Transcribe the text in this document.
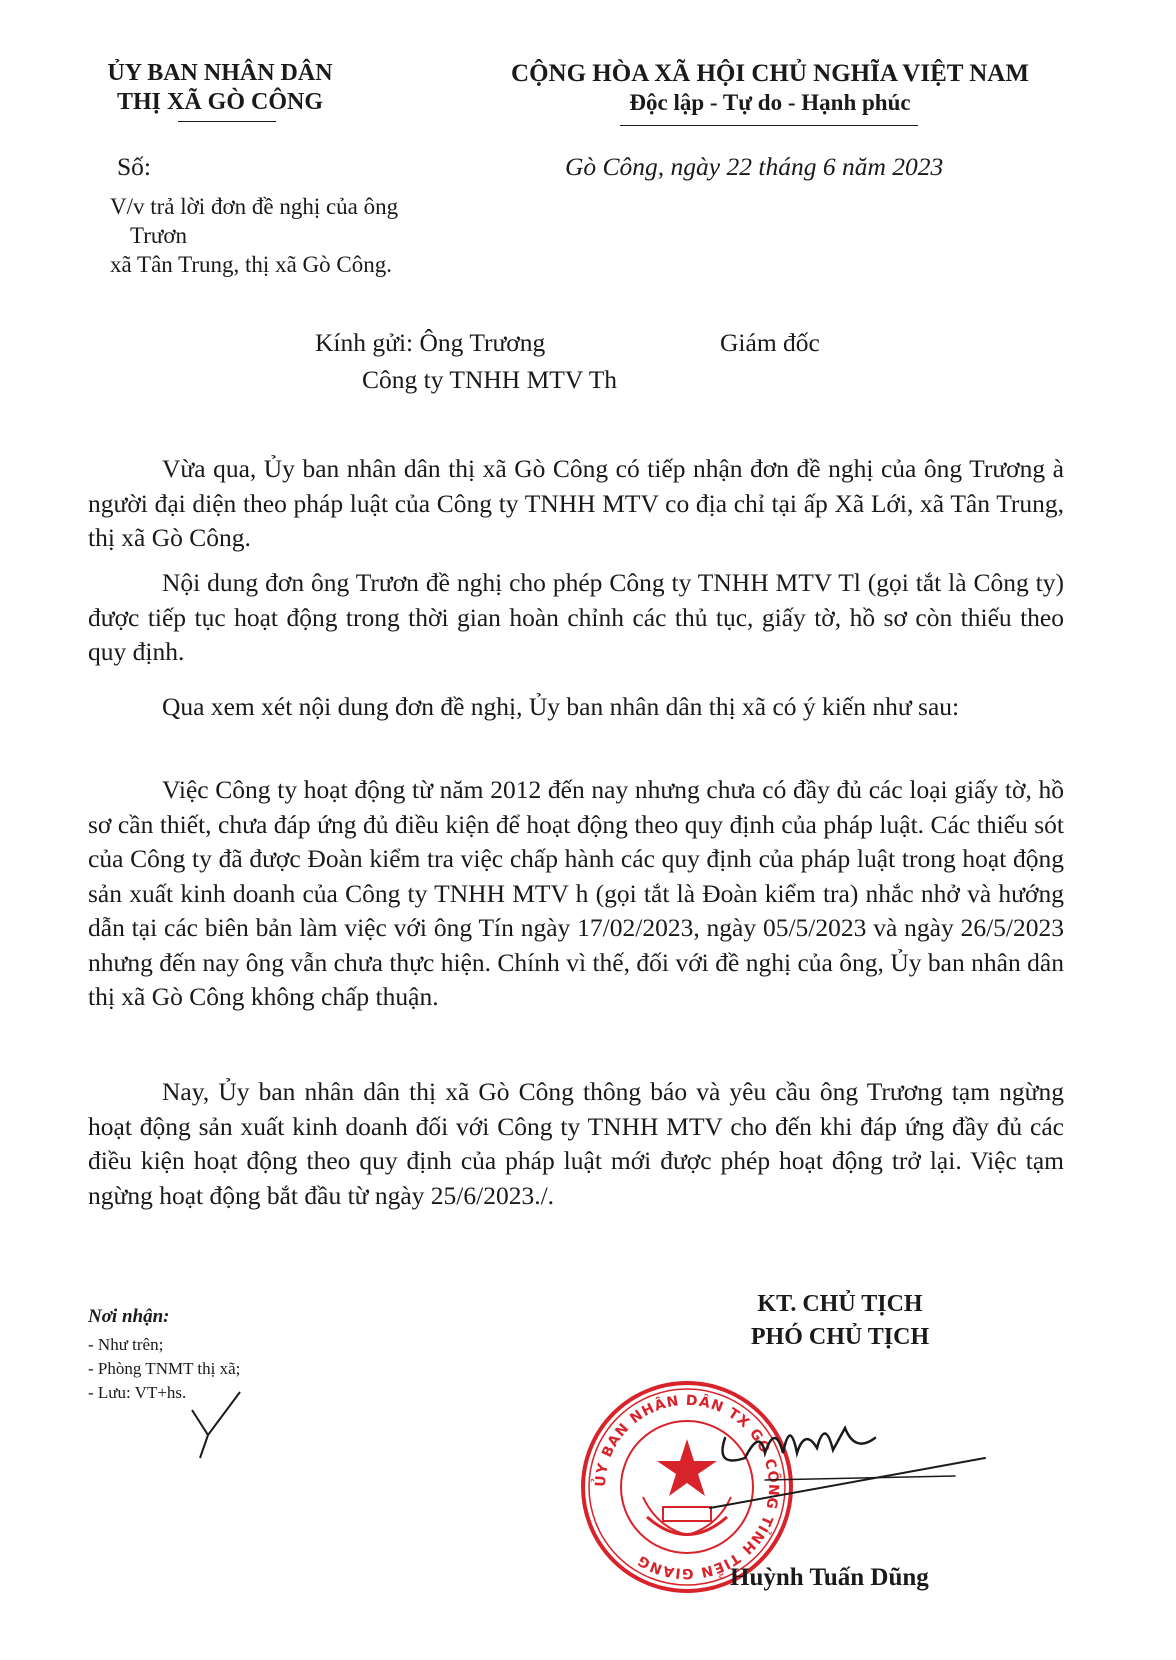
ỦY BAN NHÂN DÂN
THỊ XÃ GÒ CÔNG
CỘNG HÒA XÃ HỘI CHỦ NGHĨA VIỆT NAM
Độc lập - Tự do - Hạnh phúc
Số:	Gò Công, ngày 22 tháng 6 năm 2023
V/v trả lời đơn đề nghị của ông
Trươn
xã Tân Trung, thị xã Gò Công.
Kính gửi: Ông Trương	Giám đốc
Công ty TNHH MTV Th
Vừa qua, Ủy ban nhân dân thị xã Gò Công có tiếp nhận đơn đề nghị của ông Trương à người đại diện theo pháp luật của Công ty TNHH MTV co địa chỉ tại ấp Xã Lới, xã Tân Trung, thị xã Gò Công.
Nội dung đơn ông Trươn đề nghị cho phép Công ty TNHH MTV Tl (gọi tắt là Công ty) được tiếp tục hoạt động trong thời gian hoàn chỉnh các thủ tục, giấy tờ, hồ sơ còn thiếu theo quy định.
Qua xem xét nội dung đơn đề nghị, Ủy ban nhân dân thị xã có ý kiến như sau:
Việc Công ty hoạt động từ năm 2012 đến nay nhưng chưa có đầy đủ các loại giấy tờ, hồ sơ cần thiết, chưa đáp ứng đủ điều kiện để hoạt động theo quy định của pháp luật. Các thiếu sót của Công ty đã được Đoàn kiểm tra việc chấp hành các quy định của pháp luật trong hoạt động sản xuất kinh doanh của Công ty TNHH MTV h (gọi tắt là Đoàn kiểm tra) nhắc nhở và hướng dẫn tại các biên bản làm việc với ông Tín ngày 17/02/2023, ngày 05/5/2023 và ngày 26/5/2023 nhưng đến nay ông vẫn chưa thực hiện. Chính vì thế, đối với đề nghị của ông, Ủy ban nhân dân thị xã Gò Công không chấp thuận.
Nay, Ủy ban nhân dân thị xã Gò Công thông báo và yêu cầu ông Trương tạm ngừng hoạt động sản xuất kinh doanh đối với Công ty TNHH MTV cho đến khi đáp ứng đầy đủ các điều kiện hoạt động theo quy định của pháp luật mới được phép hoạt động trở lại. Việc tạm ngừng hoạt động bắt đầu từ ngày 25/6/2023./.
Nơi nhận:
- Như trên;
- Phòng TNMT thị xã;
- Lưu: VT+hs.
KT. CHỦ TỊCH
PHÓ CHỦ TỊCH
ỦY BAN NHÂN DÂN TX GÒ CÔNG TỈNH TIỀN GIANG
Huỳnh Tuấn Dũng
